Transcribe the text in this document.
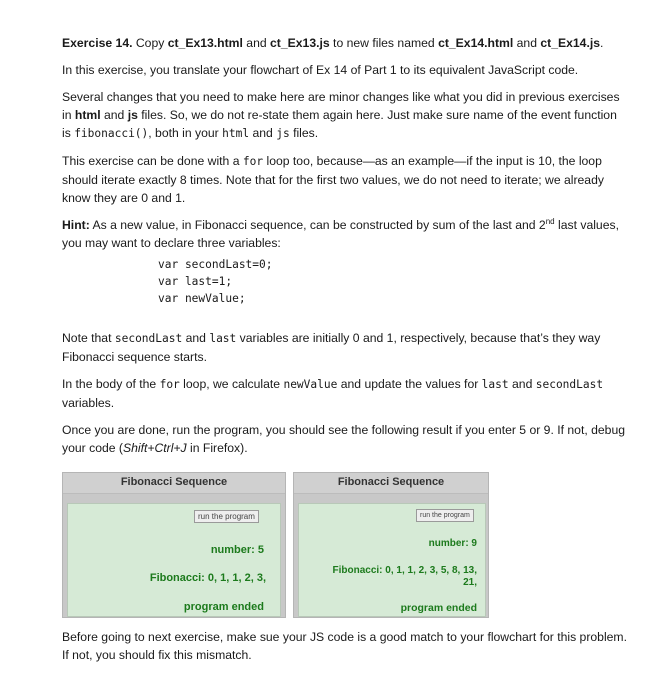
Exercise 14. Copy ct_Ex13.html and ct_Ex13.js to new files named ct_Ex14.html and ct_Ex14.js.

In this exercise, you translate your flowchart of Ex 14 of Part 1 to its equivalent JavaScript code.

Several changes that you need to make here are minor changes like what you did in previous exercises in html and js files. So, we do not re-state them again here. Just make sure name of the event function is fibonacci(), both in your html and js files.

This exercise can be done with a for loop too, because—as an example—if the input is 10, the loop should iterate exactly 8 times. Note that for the first two values, we do not need to iterate; we already know they are 0 and 1.

Hint: As a new value, in Fibonacci sequence, can be constructed by sum of the last and 2nd last values, you may want to declare three variables:

var secondLast=0;
var last=1;
var newValue;

Note that secondLast and last variables are initially 0 and 1, respectively, because that’s they way Fibonacci sequence starts.

In the body of the for loop, we calculate newValue and update the values for last and secondLast variables.

Once you are done, run the program, you should see the following result if you enter 5 or 9. If not, debug your code (Shift+Ctrl+J in Firefox).

Fibonacci Sequence
run the program
number: 5
Fibonacci: 0, 1, 1, 2, 3,
program ended
Fibonacci Sequence
run the program
number: 9
Fibonacci: 0, 1, 1, 2, 3, 5, 8, 13,
21,
program ended

Before going to next exercise, make sue your JS code is a good match to your flowchart for this problem. If not, you should fix this mismatch.
